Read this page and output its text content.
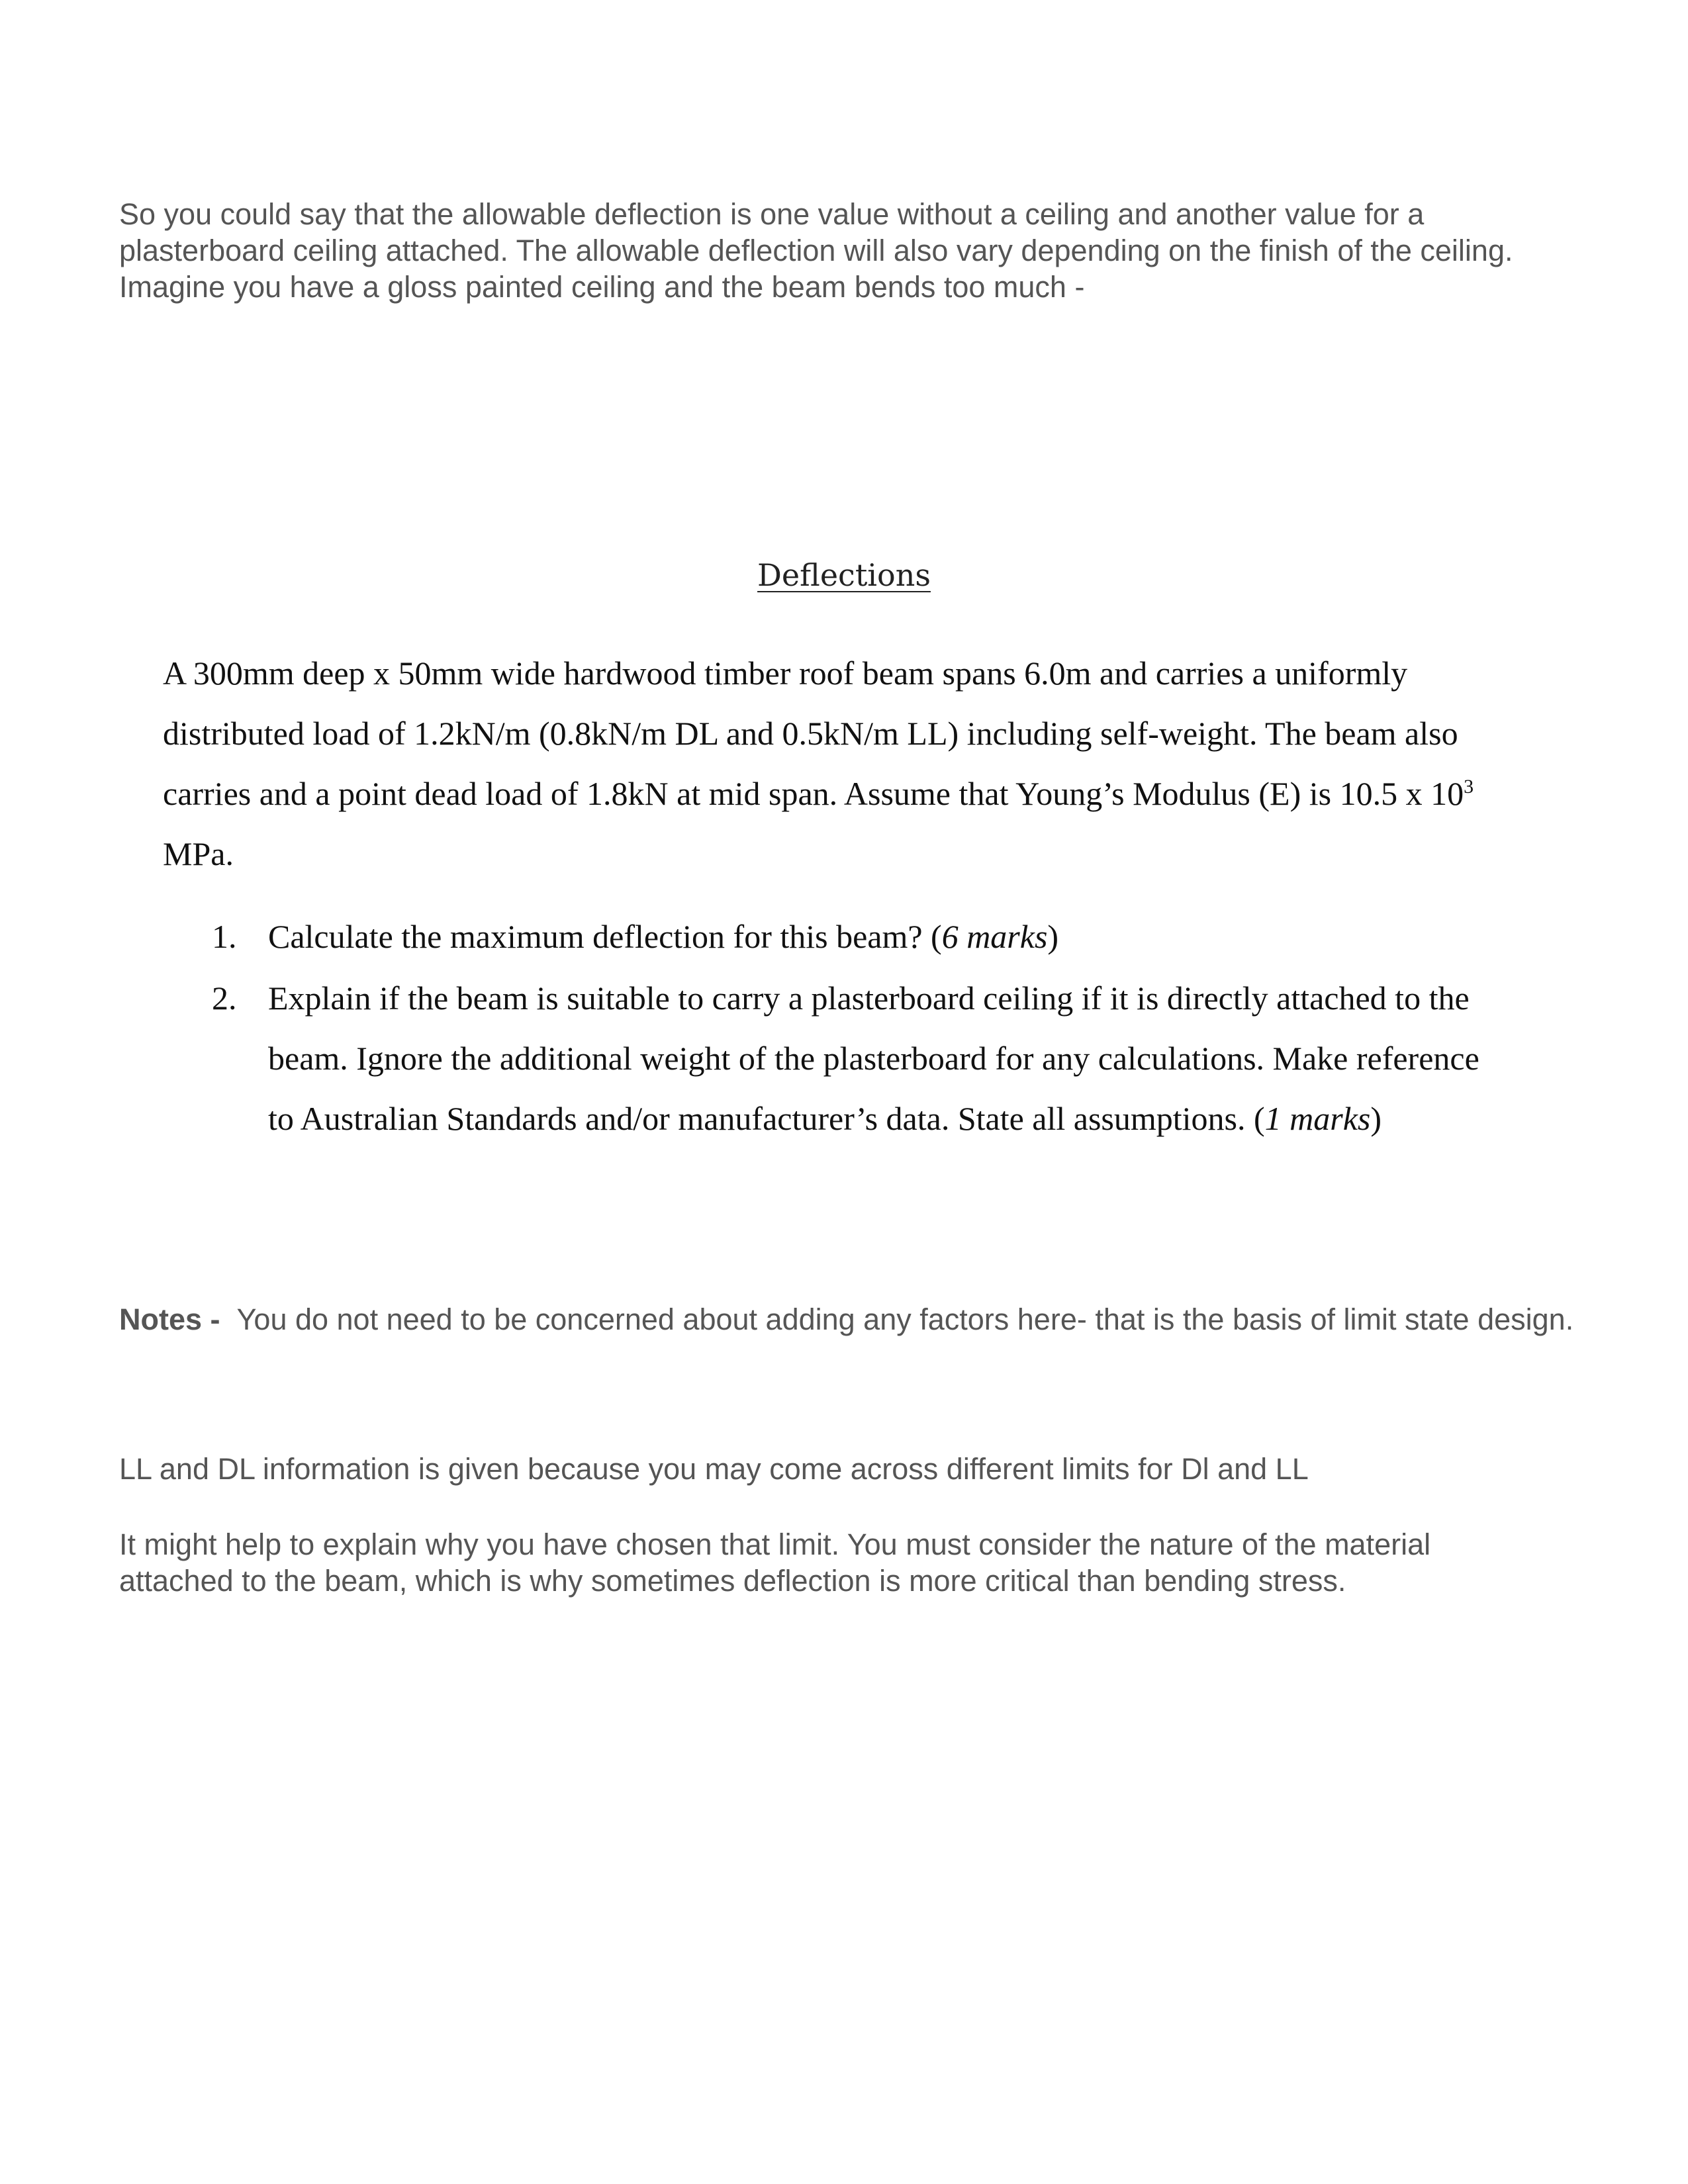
So you could say that the allowable deflection is one value without a ceiling and another value for a plasterboard ceiling attached. The allowable deflection will also vary depending on the finish of the ceiling. Imagine you have a gloss painted ceiling and the beam bends too much -
Deflections
A 300mm deep x 50mm wide hardwood timber roof beam spans 6.0m and carries a uniformly distributed load of 1.2kN/m (0.8kN/m DL and 0.5kN/m LL) including self-weight. The beam also carries and a point dead load of 1.8kN at mid span. Assume that Young’s Modulus (E) is 10.5 x $10^3$ MPa.
1. Calculate the maximum deflection for this beam? (6 marks)
2. Explain if the beam is suitable to carry a plasterboard ceiling if it is directly attached to the beam. Ignore the additional weight of the plasterboard for any calculations. Make reference to Australian Standards and/or manufacturer’s data. State all assumptions. (1 marks)
Notes - You do not need to be concerned about adding any factors here- that is the basis of limit state design.
LL and DL information is given because you may come across different limits for Dl and LL
It might help to explain why you have chosen that limit. You must consider the nature of the material attached to the beam, which is why sometimes deflection is more critical than bending stress.
